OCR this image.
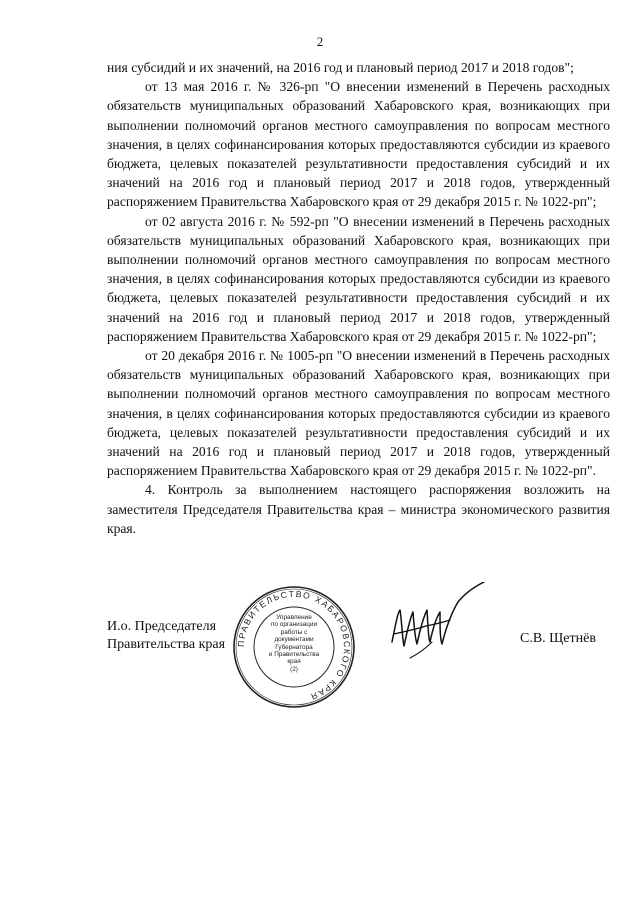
2

ния субсидий и их значений, на 2016 год и плановый период 2017 и 2018 годов";

от 13 мая 2016 г. № 326-рп "О внесении изменений в Перечень расходных обязательств муниципальных образований Хабаровского края, возникающих при выполнении полномочий органов местного самоуправления по вопросам местного значения, в целях софинансирования которых предоставляются субсидии из краевого бюджета, целевых показателей результативности предоставления субсидий и их значений на 2016 год и плановый период 2017 и 2018 годов, утвержденный распоряжением Правительства Хабаровского края от 29 декабря 2015 г. № 1022-рп";

от 02 августа 2016 г. № 592-рп "О внесении изменений в Перечень расходных обязательств муниципальных образований Хабаровского края, возникающих при выполнении полномочий органов местного самоуправления по вопросам местного значения, в целях софинансирования которых предоставляются субсидии из краевого бюджета, целевых показателей результативности предоставления субсидий и их значений на 2016 год и плановый период 2017 и 2018 годов, утвержденный распоряжением Правительства Хабаровского края от 29 декабря 2015 г. № 1022-рп";

от 20 декабря 2016 г. № 1005-рп "О внесении изменений в Перечень расходных обязательств муниципальных образований Хабаровского края, возникающих при выполнении полномочий органов местного самоуправления по вопросам местного значения, в целях софинансирования которых предоставляются субсидии из краевого бюджета, целевых показателей результативности предоставления субсидий и их значений на 2016 год и плановый период 2017 и 2018 годов, утвержденный распоряжением Правительства Хабаровского края от 29 декабря 2015 г. № 1022-рп".

4. Контроль за выполнением настоящего распоряжения возложить на заместителя Председателя Правительства края – министра экономического развития края.

И.о. Председателя
Правительства края ПРАВИТЕЛЬСТВО ХАБАРОВСКОГО КРАЯ
Управление
по организации
работы с документами
Губернатора
и Правительства
края
(2)
С.В. Щетнёв
